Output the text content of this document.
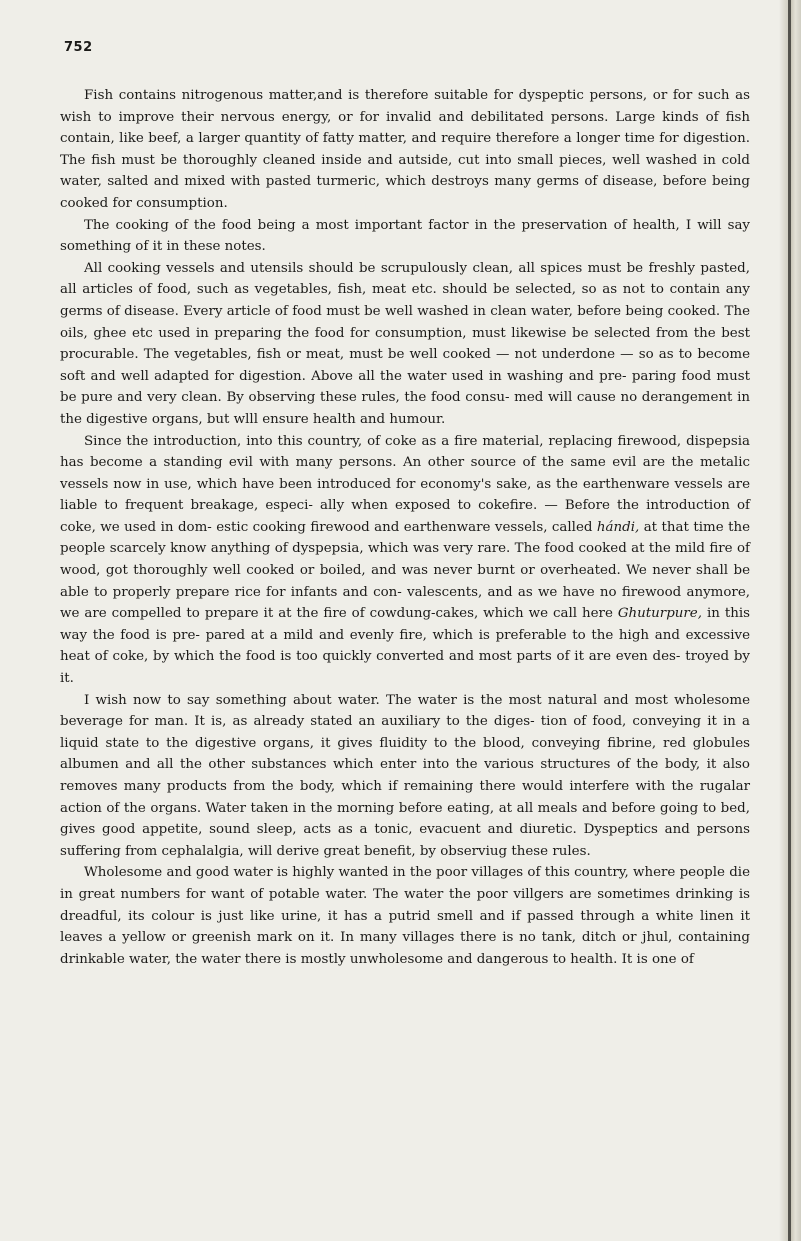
752

Fish contains nitrogenous matter,and is therefore suitable for dyspeptic persons, or for such as wish to improve their nervous energy, or for invalid and debilitated persons. Large kinds of fish contain, like beef, a larger quantity of fatty matter, and require therefore a longer time for digestion. The fish must be thoroughly cleaned inside and autside, cut into small pieces, well washed in cold water, salted and mixed with pasted turmeric, which destroys many germs of disease, before being cooked for consumption.

The cooking of the food being a most important factor in the preservation of health, I will say something of it in these notes.

All cooking vessels and utensils should be scrupulously clean, all spices must be freshly pasted, all articles of food, such as vegetables, fish, meat etc. should be selected, so as not to contain any germs of disease. Every article of food must be well washed in clean water, before being cooked. The oils, ghee etc used in preparing the food for consumption, must likewise be selected from the best procurable. The vegetables, fish or meat, must be well cooked — not underdone — so as to become soft and well adapted for digestion. Above all the water used in washing and pre- paring food must be pure and very clean. By observing these rules, the food consu- med will cause no derangement in the digestive organs, but wlll ensure health and humour.

Since the introduction, into this country, of coke as a fire material, replacing firewood, dispepsia has become a standing evil with many persons. An other source of the same evil are the metalic vessels now in use, which have been introduced for economy's sake, as the earthenware vessels are liable to frequent breakage, especi- ally when exposed to cokefire. — Before the introduction of coke, we used in dom- estic cooking firewood and earthenware vessels, called hándi, at that time the people scarcely know anything of dyspepsia, which was very rare. The food cooked at the mild fire of wood, got thoroughly well cooked or boiled, and was never burnt or overheated. We never shall be able to properly prepare rice for infants and con- valescents, and as we have no firewood anymore, we are compelled to prepare it at the fire of cowdung-cakes, which we call here Ghuturpure, in this way the food is pre- pared at a mild and evenly fire, which is preferable to the high and excessive heat of coke, by which the food is too quickly converted and most parts of it are even des- troyed by it.

I wish now to say something about water. The water is the most natural and most wholesome beverage for man. It is, as already stated an auxiliary to the diges- tion of food, conveying it in a liquid state to the digestive organs, it gives fluidity to the blood, conveying fibrine, red globules albumen and all the other substances which enter into the various structures of the body, it also removes many products from the body, which if remaining there would interfere with the rugalar action of the organs. Water taken in the morning before eating, at all meals and before going to bed, gives good appetite, sound sleep, acts as a tonic, evacuent and diuretic. Dyspeptics and persons suffering from cephalalgia, will derive great benefit, by observiug these rules.

Wholesome and good water is highly wanted in the poor villages of this country, where people die in great numbers for want of potable water. The water the poor villgers are sometimes drinking is dreadful, its colour is just like urine, it has a putrid smell and if passed through a white linen it leaves a yellow or greenish mark on it. In many villages there is no tank, ditch or jhul, containing drinkable water, the water there is mostly unwholesome and dangerous to health. It is one of
